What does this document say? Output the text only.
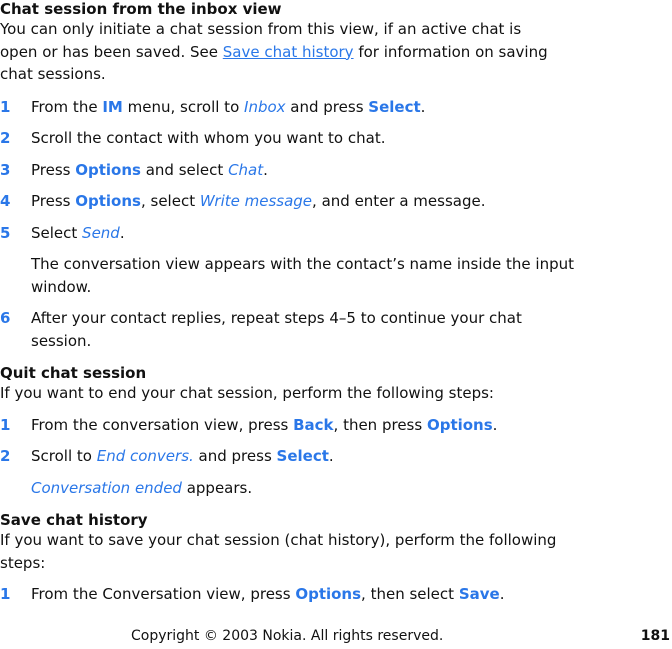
Chat session from the inbox view

You can only initiate a chat session from this view, if an active chat is open or has been saved. See Save chat history for information on saving chat sessions.

1 From the IM menu, scroll to Inbox and press Select.

2 Scroll the contact with whom you want to chat.

3 Press Options and select Chat.

4 Press Options, select Write message, and enter a message.

5 Select Send.

The conversation view appears with the contact’s name inside the input window.

6 After your contact replies, repeat steps 4–5 to continue your chat session.

Quit chat session

If you want to end your chat session, perform the following steps:

1 From the conversation view, press Back, then press Options.

2 Scroll to End convers. and press Select.

Conversation ended appears.

Save chat history

If you want to save your chat session (chat history), perform the following steps:

1 From the Conversation view, press Options, then select Save.

Copyright © 2003 Nokia. All rights reserved.	181
